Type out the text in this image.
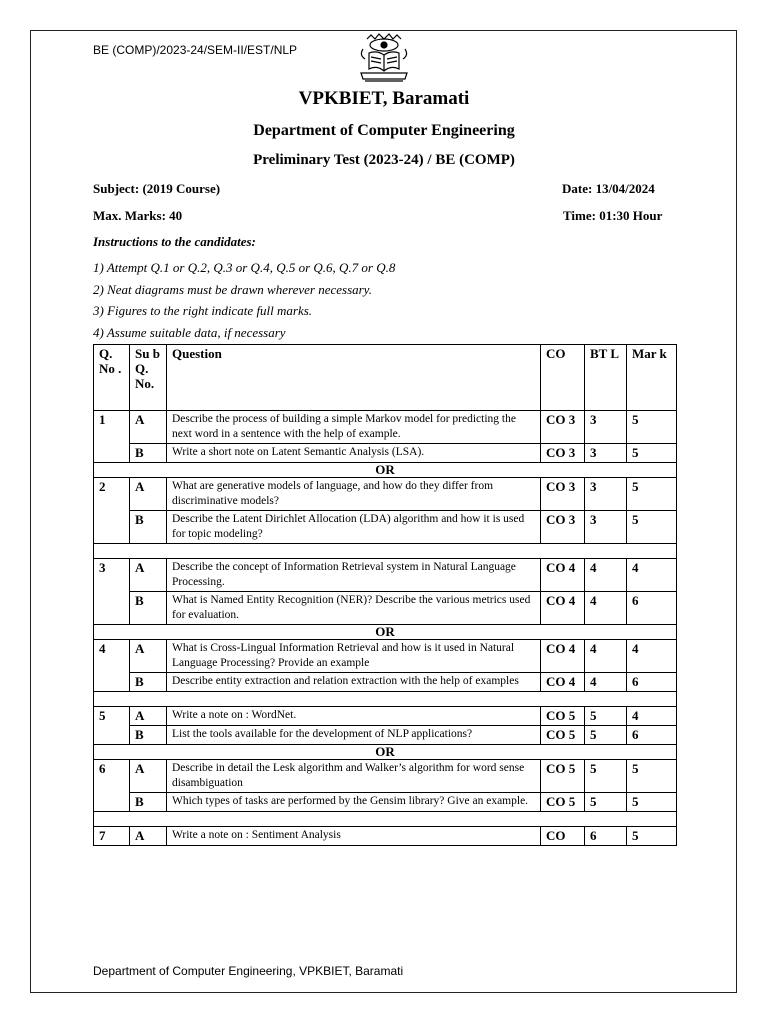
BE (COMP)/2023-24/SEM-II/EST/NLP
VPKBIET, Baramati
Department of Computer Engineering
Preliminary Test (2023-24) / BE (COMP)
Subject: (2019 Course)	Date: 13/04/2024
Max. Marks: 40	Time: 01:30 Hour
Instructions to the candidates:
1) Attempt Q.1 or Q.2, Q.3 or Q.4, Q.5 or Q.6, Q.7 or Q.8
2) Neat diagrams must be drawn wherever necessary.
3) Figures to the right indicate full marks.
4) Assume suitable data, if necessary
Q. No .	Su b Q. No.	Question	CO	BT L	Mar k
1	A	Describe the process of building a simple Markov model for predicting the next word in a sentence with the help of example.	CO 3	3	5
	B	Write a short note on Latent Semantic Analysis (LSA).	CO 3	3	5
OR					
2	A	What are generative models of language, and how do they differ from discriminative models?	CO 3	3	5
	B	Describe the Latent Dirichlet Allocation (LDA) algorithm and how it is used for topic modeling?	CO 3	3	5

3	A	Describe the concept of Information Retrieval system in Natural Language Processing.	CO 4	4	4
	B	What is Named Entity Recognition (NER)? Describe the various metrics used for evaluation.	CO 4	4	6
OR					
4	A	What is Cross-Lingual Information Retrieval and how is it used in Natural Language Processing? Provide an example	CO 4	4	4
	B	Describe entity extraction and relation extraction with the help of examples	CO 4	4	6

5	A	Write a note on : WordNet.	CO 5	5	4
	B	List the tools available for the development of NLP applications?	CO 5	5	6
OR					
6	A	Describe in detail the Lesk algorithm and Walker’s algorithm for word sense disambiguation	CO 5	5	5
	B	Which types of tasks are performed by the Gensim library? Give an example.	CO 5	5	5

7	A	Write a note on : Sentiment Analysis	CO	6	5
Department of Computer Engineering, VPKBIET, Baramati
